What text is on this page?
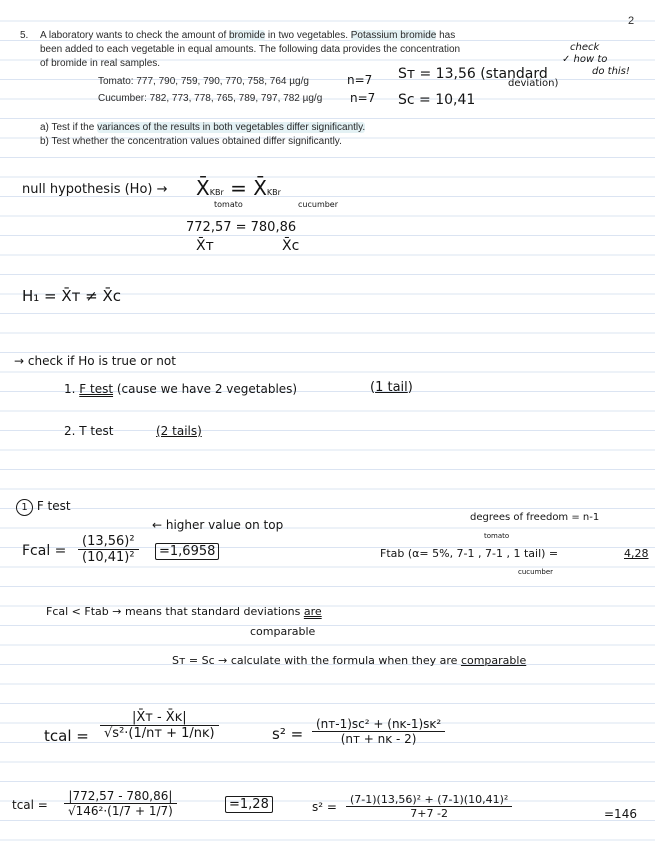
2
5. A laboratory wants to check the amount of bromide in two vegetables. Potassium bromide has
been added to each vegetable in equal amounts. The following data provides the concentration
of bromide in real samples.
Tomato: 777, 790, 759, 790, 770, 758, 764 µg/g
Cucumber: 782, 773, 778, 765, 789, 797, 782 µg/g
a) Test if the variances of the results in both vegetables differ significantly.
b) Test whether the concentration values obtained differ significantly.
n=7
n=7
Sᴛ = 13,56 (standard
deviation)
Sᴄ = 10,41
check
✓ how to
do this!
null hypothesis (Ho) → X̄KBr = X̄KBr
tomato	cucumber
772,57 = 780,86
X̄ᴛ	X̄ᴄ
H₁ = X̄ᴛ ≠ X̄ᴄ
→ check if Ho is true or not
1. F test (cause we have 2 vegetables)	(1 tail)
2. T test	(2 tails)
1 F test
Fcal =
(13,56)²
(10,41)²	=1,6958
← higher value on top
degrees of freedom = n-1
tomato
Ftab (α= 5%, 7-1 , 7-1 , 1 tail) =	4,28
cucumber
Fcal < Ftab → means that standard deviations are
comparable
Sᴛ = Sᴄ → calculate with the formula when they are comparable
tcal =
|X̄ᴛ - X̄ᴋ|
√s²·(1/nᴛ + 1/nᴋ)	s² =
(nᴛ-1)sᴄ² + (nᴋ-1)sᴋ²
(nᴛ + nᴋ - 2)
tcal =
|772,57 - 780,86|
√146²·(1/7 + 1/7)	=1,28	s² =
(7-1)(13,56)² + (7-1)(10,41)²
7+7 -2	=146
